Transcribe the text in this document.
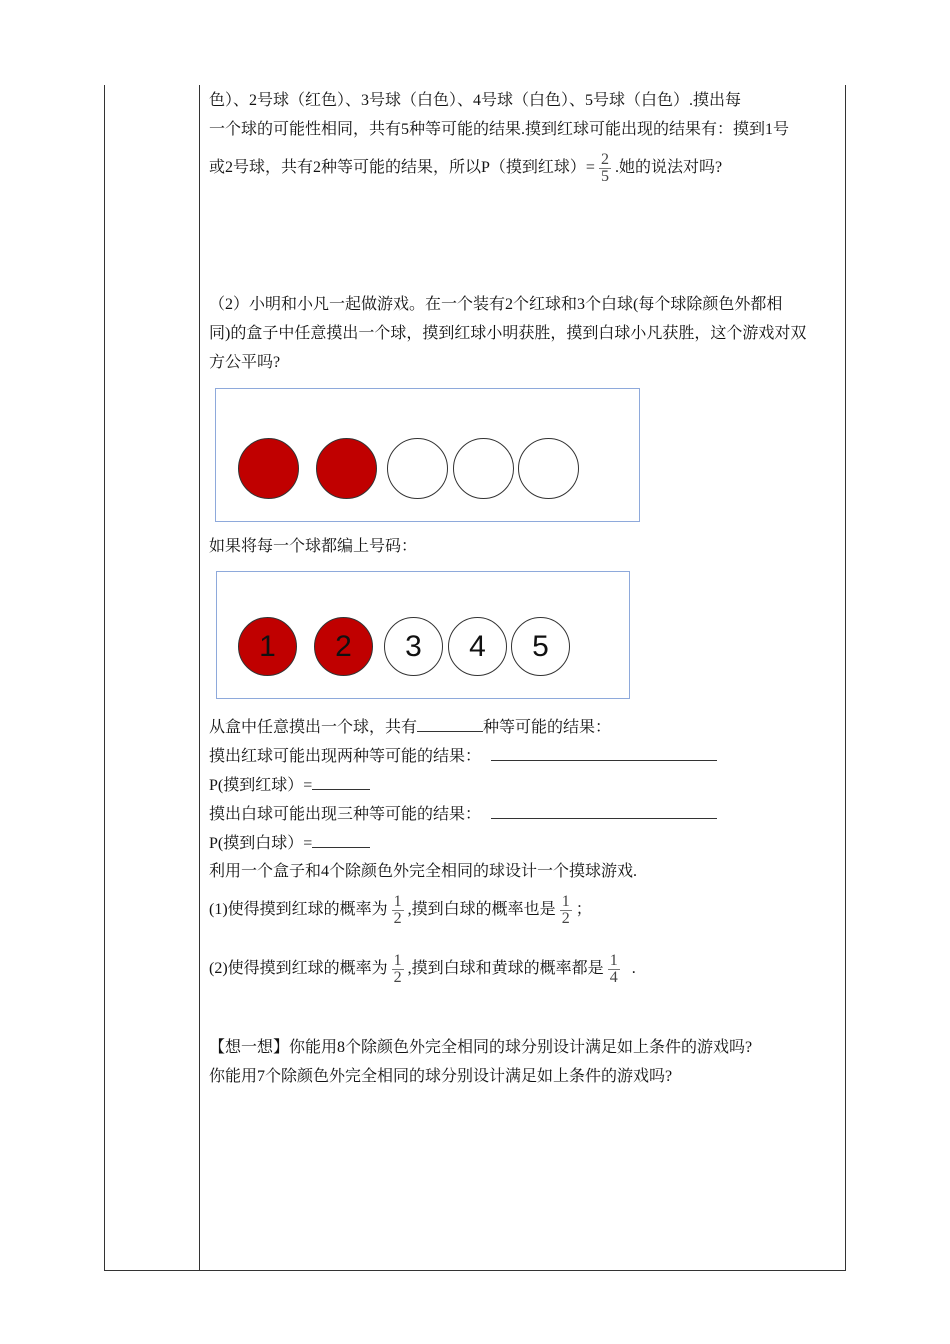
色）、2号球（红色）、3号球（白色）、4号球（白色）、5号球（白色）.摸出每
一个球的可能性相同，共有5种等可能的结果.摸到红球可能出现的结果有：摸到1号
或2号球，共有2种等可能的结果，所以P（摸到红球）= $\frac{2}{5}$ .她的说法对吗?
（2）小明和小凡一起做游戏。在一个装有2个红球和3个白球(每个球除颜色外都相
同)的盒子中任意摸出一个球，摸到红球小明获胜，摸到白球小凡获胜，这个游戏对双
方公平吗?
如果将每一个球都编上号码：
1	2	3	4	5
从盒中任意摸出一个球，共有	种等可能的结果：
摸出红球可能出现两种等可能的结果：
P(摸到红球）=
摸出白球可能出现三种等可能的结果：
P(摸到白球）=
利用一个盒子和4个除颜色外完全相同的球设计一个摸球游戏.
(1)使得摸到红球的概率为 $\frac{1}{2}$ ,摸到白球的概率也是 $\frac{1}{2}$ ；
(2)使得摸到红球的概率为 $\frac{1}{2}$ ,摸到白球和黄球的概率都是 $\frac{1}{4}$ .
【想一想】你能用8个除颜色外完全相同的球分别设计满足如上条件的游戏吗?
你能用7个除颜色外完全相同的球分别设计满足如上条件的游戏吗?
